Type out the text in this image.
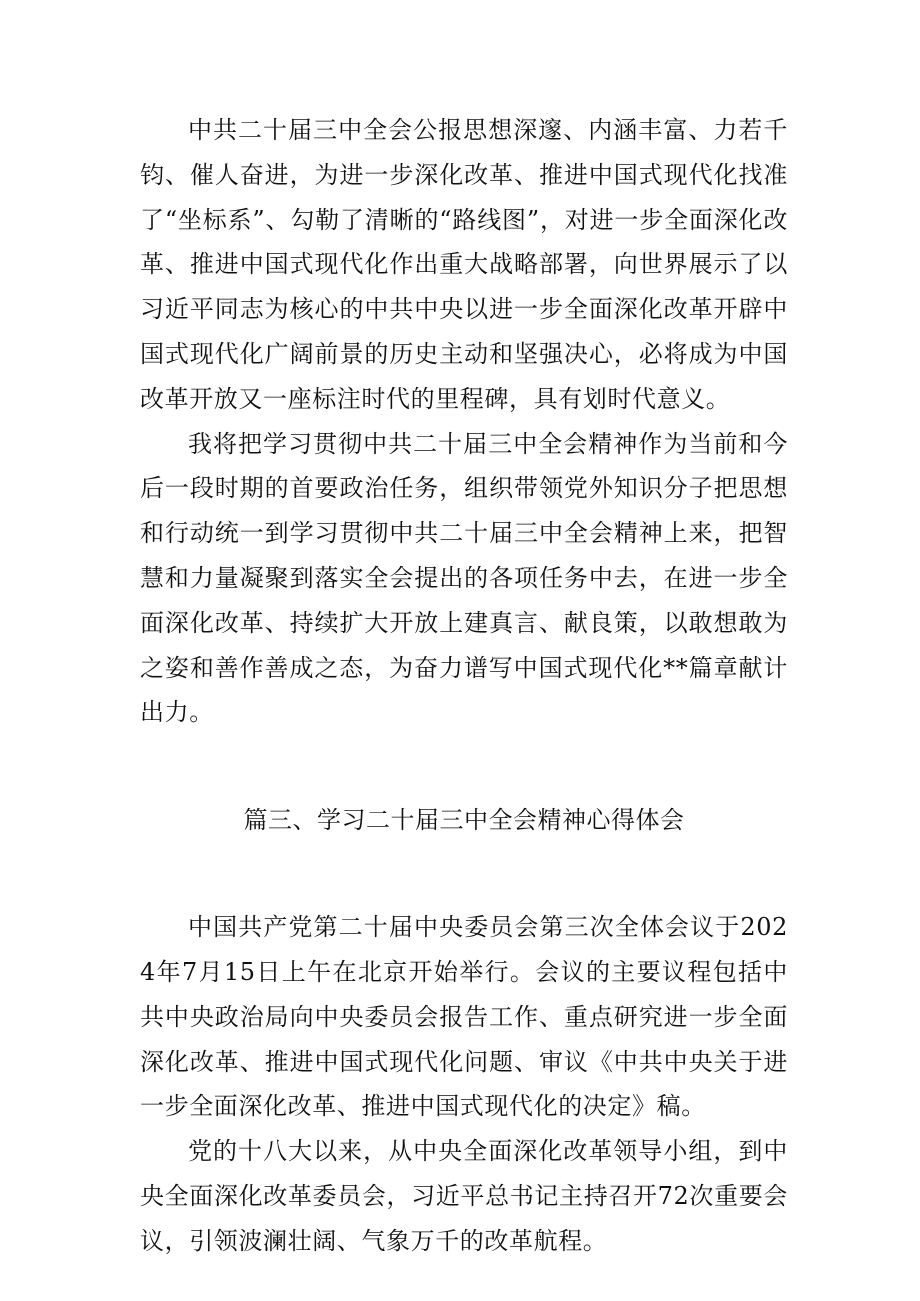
中共二十届三中全会公报思想深邃、内涵丰富、力若千钧、催人奋进，为进一步深化改革、推进中国式现代化找准了“坐标系”、勾勒了清晰的“路线图”，对进一步全面深化改革、推进中国式现代化作出重大战略部署，向世界展示了以习近平同志为核心的中共中央以进一步全面深化改革开辟中国式现代化广阔前景的历史主动和坚强决心，必将成为中国改革开放又一座标注时代的里程碑，具有划时代意义。

我将把学习贯彻中共二十届三中全会精神作为当前和今后一段时期的首要政治任务，组织带领党外知识分子把思想和行动统一到学习贯彻中共二十届三中全会精神上来，把智慧和力量凝聚到落实全会提出的各项任务中去，在进一步全面深化改革、持续扩大开放上建真言、献良策，以敢想敢为之姿和善作善成之态，为奋力谱写中国式现代化**篇章献计出力。

篇三、学习二十届三中全会精神心得体会

中国共产党第二十届中央委员会第三次全体会议于2024年7月15日上午在北京开始举行。会议的主要议程包括中共中央政治局向中央委员会报告工作、重点研究进一步全面深化改革、推进中国式现代化问题、审议《中共中央关于进一步全面深化改革、推进中国式现代化的决定》稿。

党的十八大以来，从中央全面深化改革领导小组，到中央全面深化改革委员会，习近平总书记主持召开72次重要会议，引领波澜壮阔、气象万千的改革航程。
